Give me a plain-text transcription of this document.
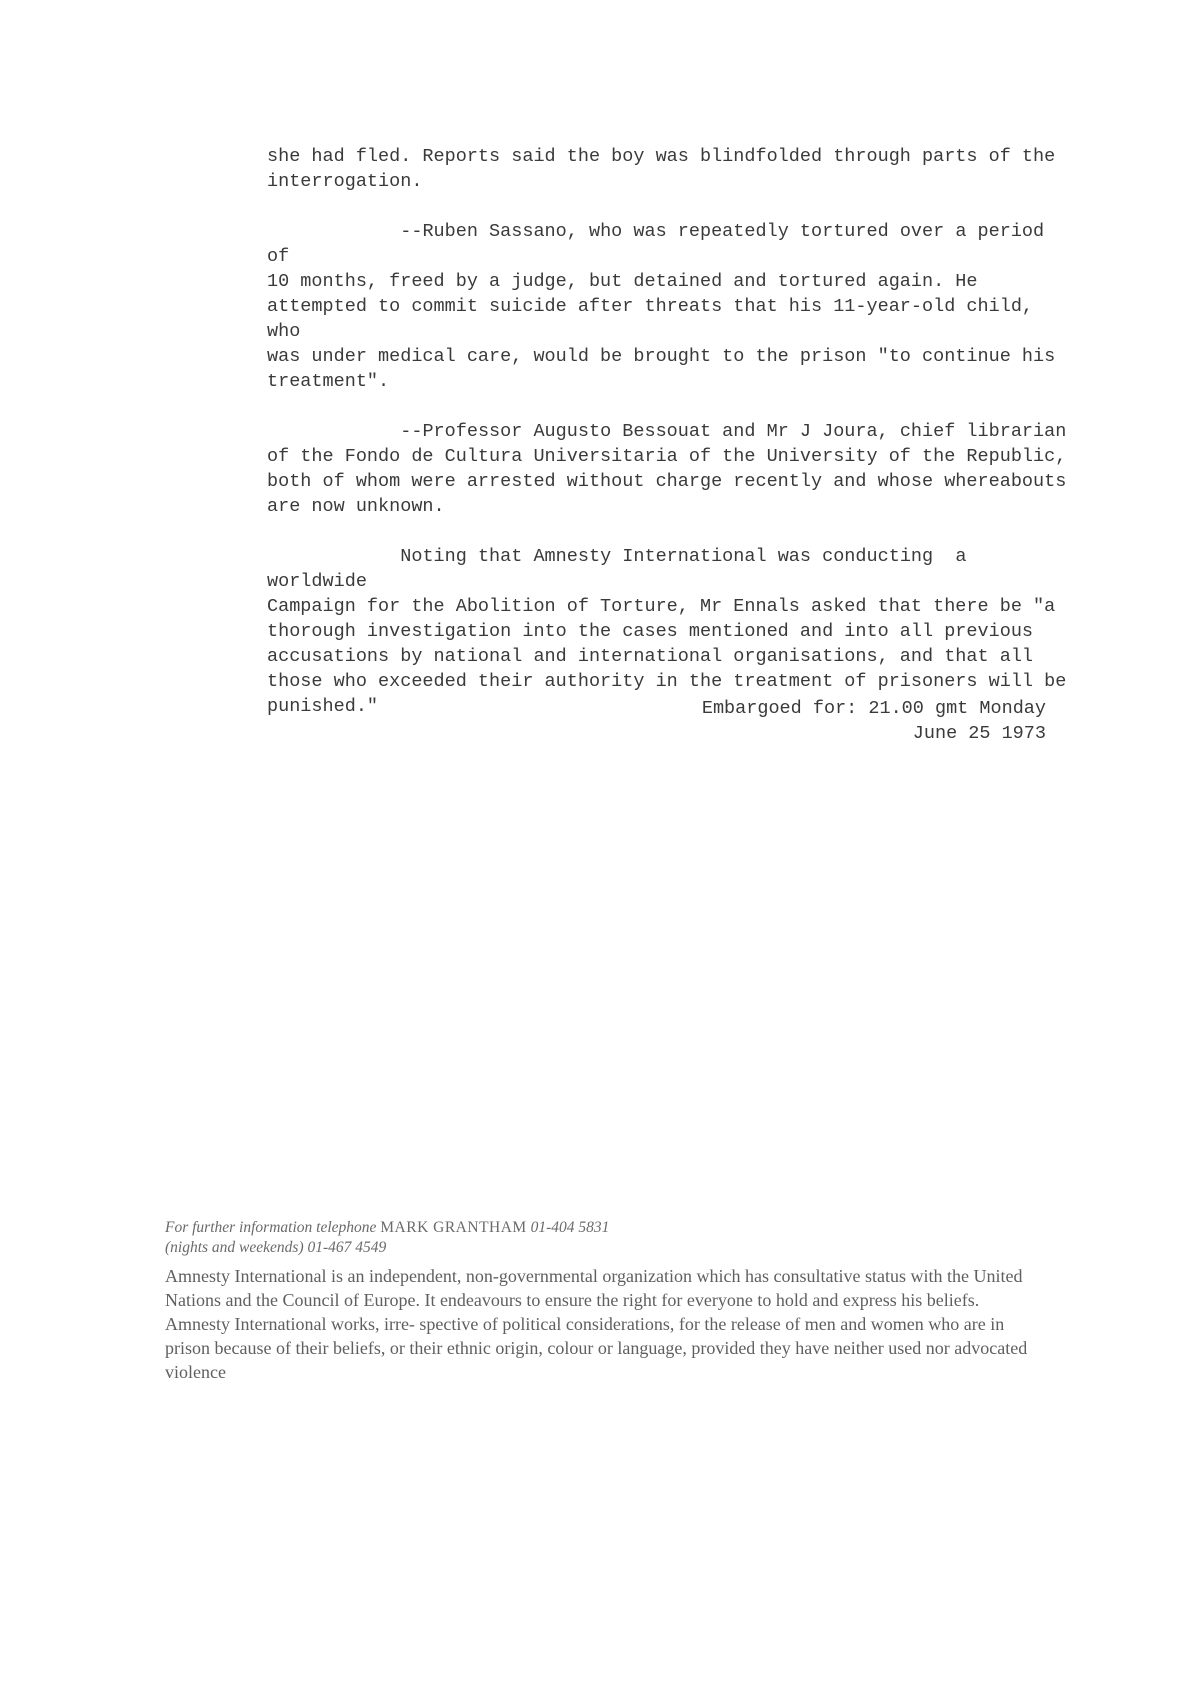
she had fled. Reports said the boy was blindfolded through parts of the
interrogation.

--Ruben Sassano, who was repeatedly tortured over a period of
10 months, freed by a judge, but detained and tortured again. He
attempted to commit suicide after threats that his 11-year-old child, who
was under medical care, would be brought to the prison "to continue his
treatment".

--Professor Augusto Bessouat and Mr J Joura, chief librarian
of the Fondo de Cultura Universitaria of the University of the Republic,
both of whom were arrested without charge recently and whose whereabouts
are now unknown.

Noting that Amnesty International was conducting  a worldwide
Campaign for the Abolition of Torture, Mr Ennals asked that there be "a
thorough investigation into the cases mentioned and into all previous
accusations by national and international organisations, and that all
those who exceeded their authority in the treatment of prisoners will be
punished."	Embargoed for: 21.00 gmt Monday
June 25 1973
For further information telephone MARK GRANTHAM 01-404 5831
(nights and weekends) 01-467 4549
Amnesty International is an independent, non-governmental organization which has consultative status with the United Nations and the Council of Europe. It endeavours to ensure the right for everyone to hold and express his beliefs. Amnesty International works, irre- spective of political considerations, for the release of men and women who are in prison because of their beliefs, or their ethnic origin, colour or language, provided they have neither used nor advocated violence
